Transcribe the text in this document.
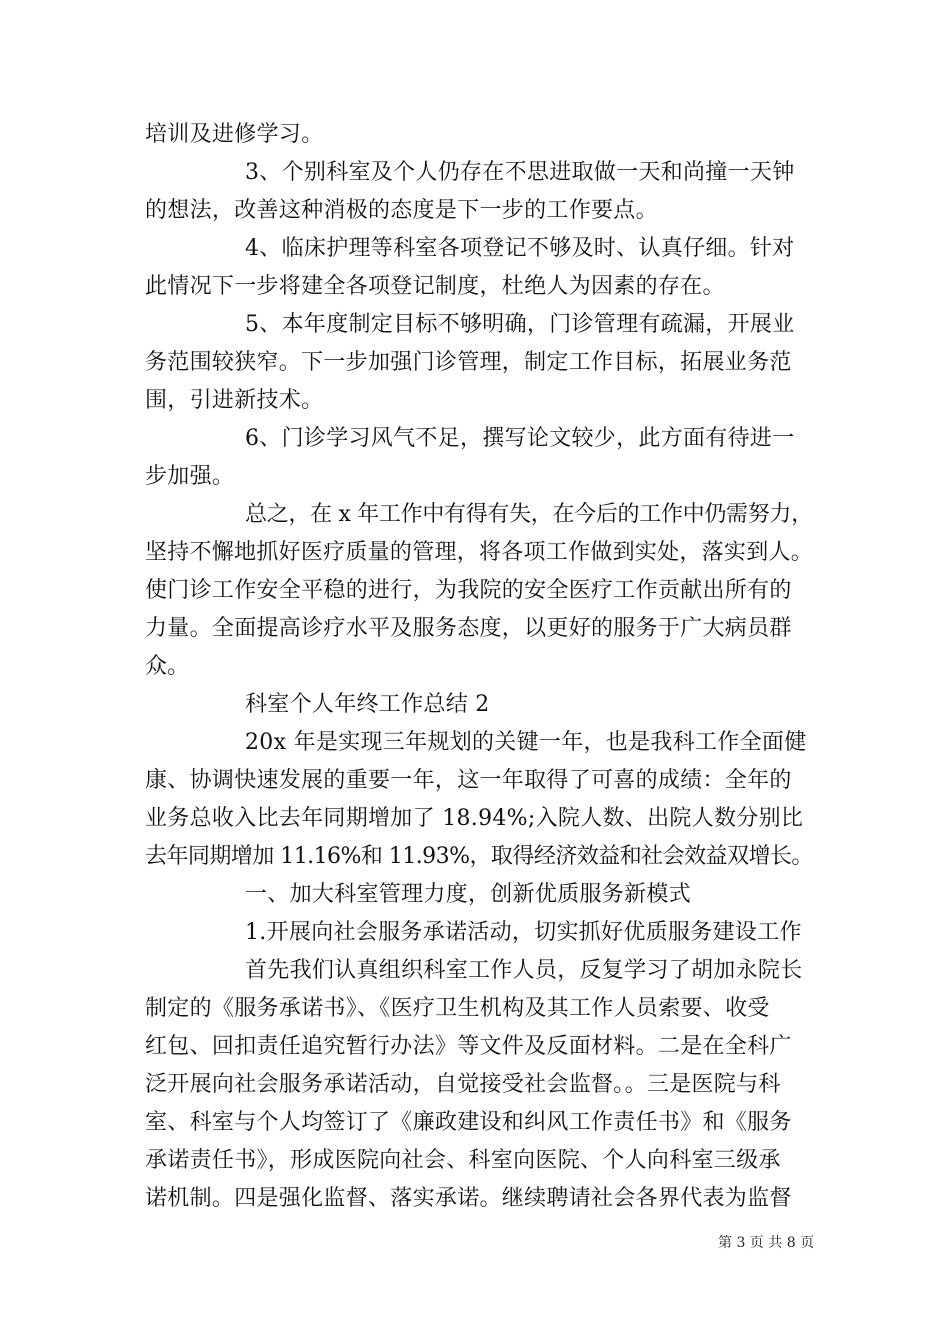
培训及进修学习。
3、个别科室及个人仍存在不思进取做一天和尚撞一天钟
的想法，改善这种消极的态度是下一步的工作要点。
4、临床护理等科室各项登记不够及时、认真仔细。针对
此情况下一步将建全各项登记制度，杜绝人为因素的存在。
5、本年度制定目标不够明确，门诊管理有疏漏，开展业
务范围较狭窄。下一步加强门诊管理，制定工作目标，拓展业务范
围，引进新技术。
6、门诊学习风气不足，撰写论文较少，此方面有待进一
步加强。
总之，在 x 年工作中有得有失，在今后的工作中仍需努力，
坚持不懈地抓好医疗质量的管理，将各项工作做到实处，落实到人。
使门诊工作安全平稳的进行，为我院的安全医疗工作贡献出所有的
力量。全面提高诊疗水平及服务态度，以更好的服务于广大病员群
众。
科室个人年终工作总结 2
20x 年是实现三年规划的关键一年，也是我科工作全面健
康、协调快速发展的重要一年，这一年取得了可喜的成绩：全年的
业务总收入比去年同期增加了 18.94%;入院人数、出院人数分别比
去年同期增加 11.16%和 11.93%，取得经济效益和社会效益双增长。
一、加大科室管理力度，创新优质服务新模式
1.开展向社会服务承诺活动，切实抓好优质服务建设工作
首先我们认真组织科室工作人员，反复学习了胡加永院长
制定的《服务承诺书》、《医疗卫生机构及其工作人员索要、收受
红包、回扣责任追究暂行办法》等文件及反面材料。二是在全科广
泛开展向社会服务承诺活动，自觉接受社会监督。。三是医院与科
室、科室与个人均签订了《廉政建设和纠风工作责任书》和《服务
承诺责任书》，形成医院向社会、科室向医院、个人向科室三级承
诺机制。四是强化监督、落实承诺。继续聘请社会各界代表为监督
第 3 页 共 8 页
